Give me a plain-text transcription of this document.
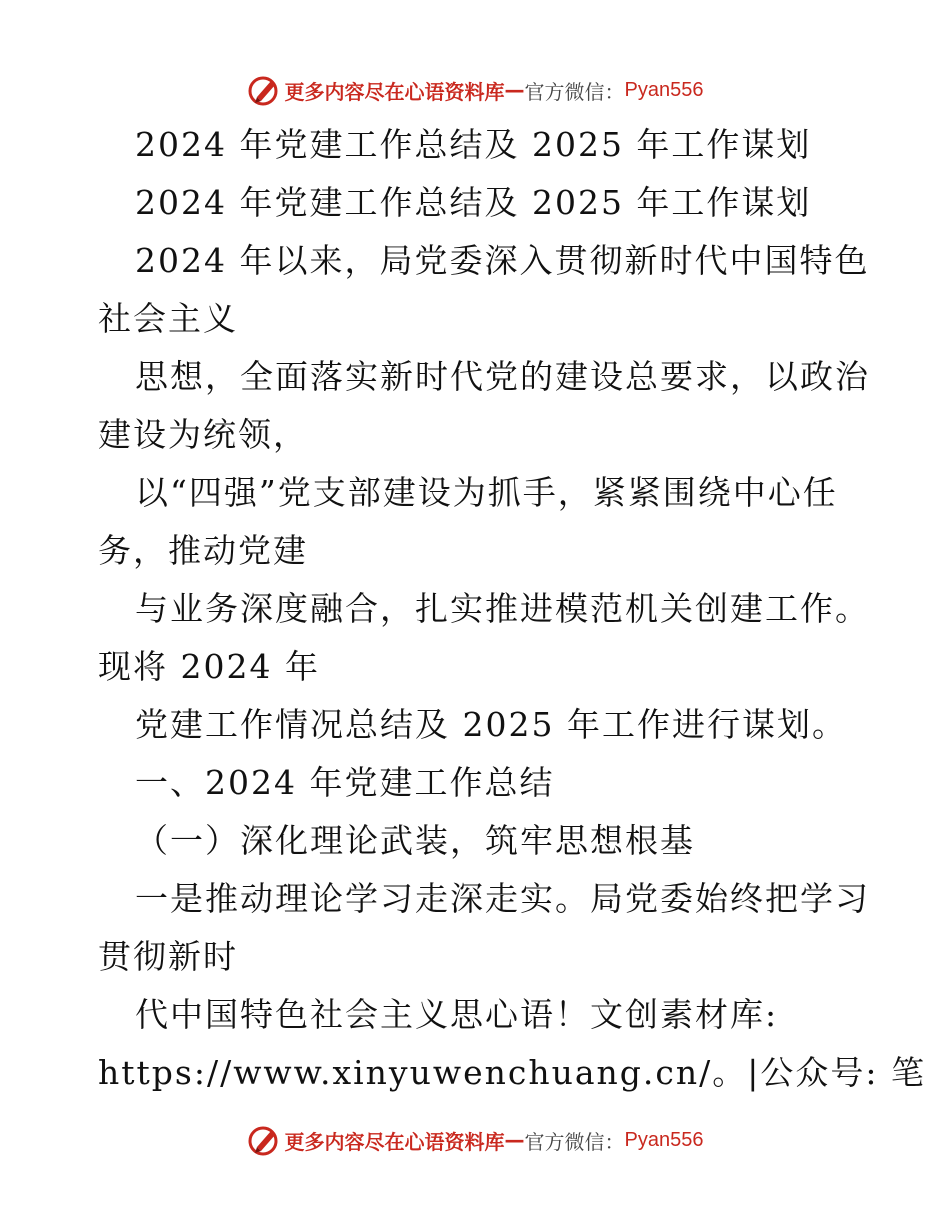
更多内容尽在心语资料库 — 官方微信： Pyan556
2024 年党建工作总结及 2025 年工作谋划
2024 年党建工作总结及 2025 年工作谋划
2024 年以来，局党委深入贯彻新时代中国特色
社会主义
思想，全面落实新时代党的建设总要求，以政治
建设为统领，
以“四强”党支部建设为抓手，紧紧围绕中心任
务，推动党建
与业务深度融合，扎实推进模范机关创建工作。
现将 2024 年
党建工作情况总结及 2025 年工作进行谋划。
一、2024 年党建工作总结
（一）深化理论武装，筑牢思想根基
一是推动理论学习走深走实。局党委始终把学习
贯彻新时
代中国特色社会主义思心语！文创素材库:
https://www.xinyuwenchuang.cn/。|公众号: 笔
更多内容尽在心语资料库 — 官方微信： Pyan556
